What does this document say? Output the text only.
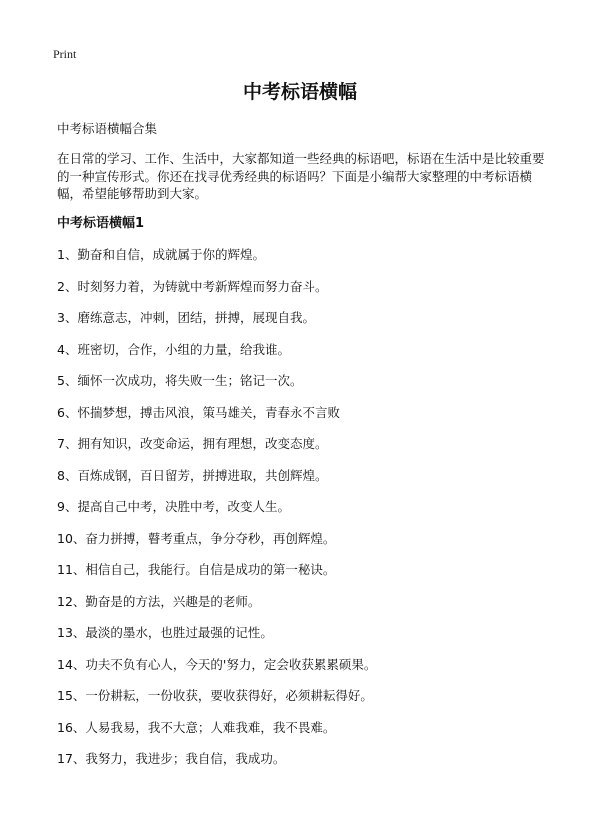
Print
中考标语横幅
中考标语横幅合集

在日常的学习、工作、生活中，大家都知道一些经典的标语吧，标语在生活中是比较重要的一种宣传形式。你还在找寻优秀经典的标语吗？下面是小编帮大家整理的中考标语横幅，希望能够帮助到大家。

中考标语横幅1
1、勤奋和自信，成就属于你的辉煌。
2、时刻努力着，为铸就中考新辉煌而努力奋斗。
3、磨练意志，冲刺，团结，拼搏，展现自我。
4、班密切，合作，小组的力量，给我谁。
5、缅怀一次成功，将失败一生；铭记一次。
6、怀揣梦想，搏击风浪，策马雄关，青春永不言败
7、拥有知识，改变命运，拥有理想，改变态度。
8、百炼成钢，百日留芳，拼搏进取，共创辉煌。
9、提高自己中考，决胜中考，改变人生。
10、奋力拼搏，瞽考重点，争分夺秒，再创辉煌。
11、相信自己，我能行。自信是成功的第一秘诀。
12、勤奋是的方法，兴趣是的老师。
13、最淡的墨水，也胜过最强的记性。
14、功夫不负有心人，今天的'努力，定会收获累累硕果。
15、一份耕耘，一份收获，要收获得好，必须耕耘得好。
16、人易我易，我不大意；人难我难，我不畏难。
17、我努力，我进步；我自信，我成功。
